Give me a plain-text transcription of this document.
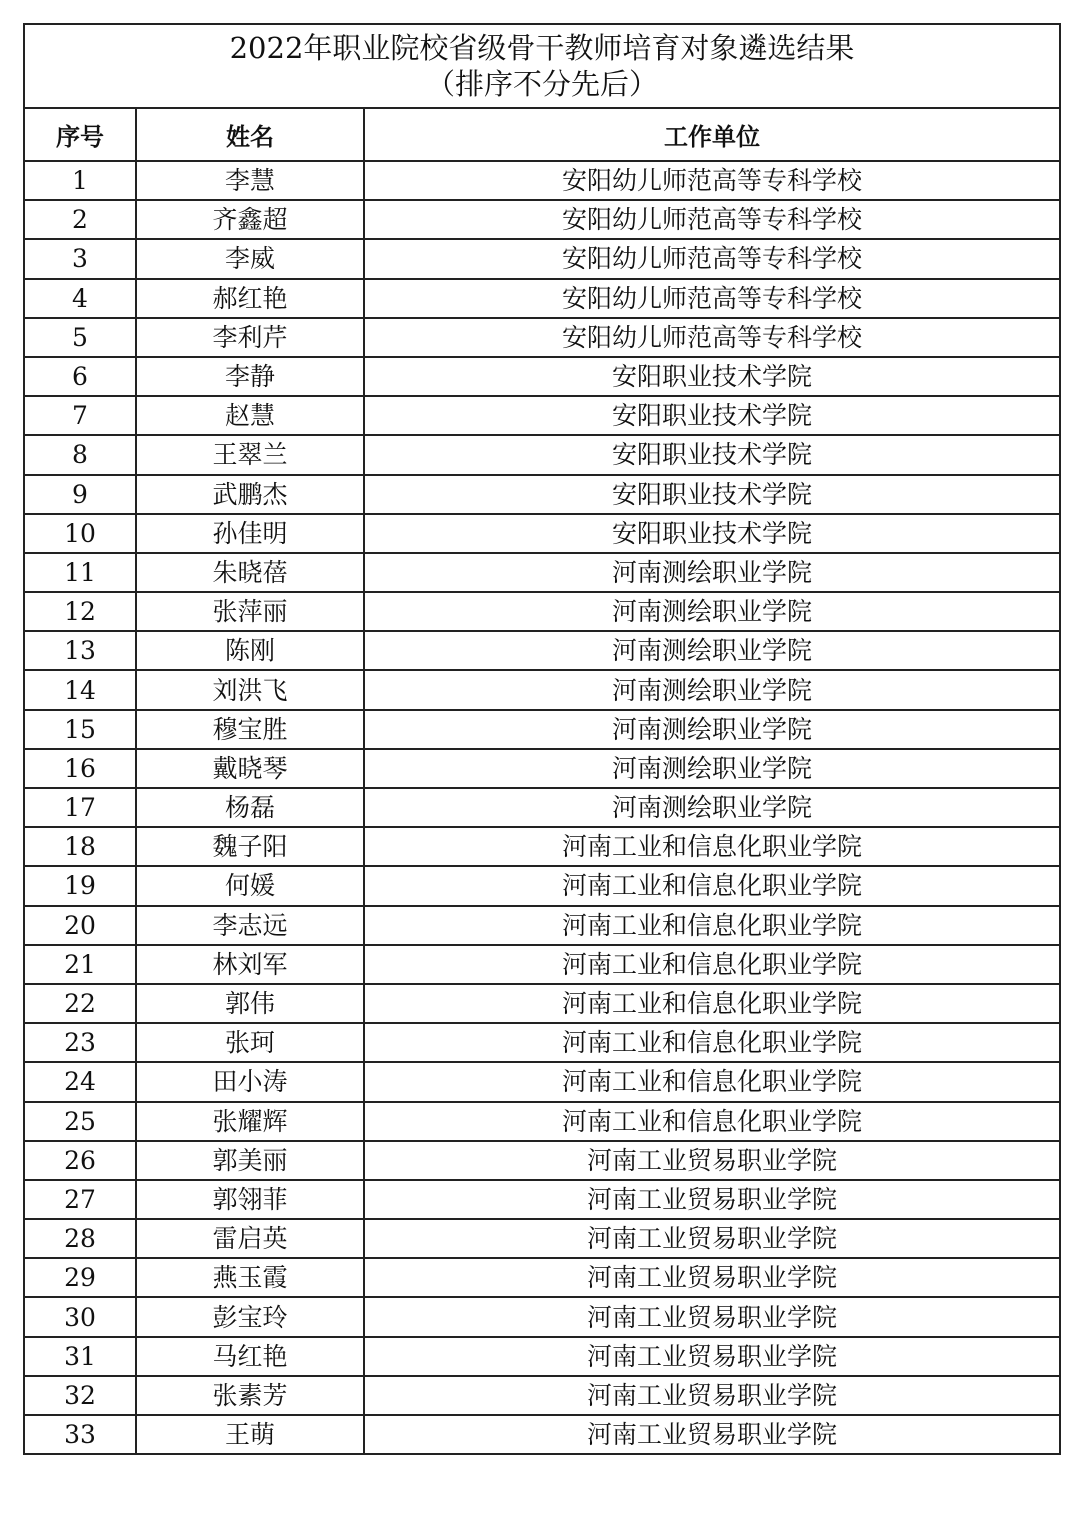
2022年职业院校省级骨干教师培育对象遴选结果
（排序不分先后）		

序号	姓名	工作单位
1	李慧	安阳幼儿师范高等专科学校
2	齐鑫超	安阳幼儿师范高等专科学校
3	李威	安阳幼儿师范高等专科学校
4	郝红艳	安阳幼儿师范高等专科学校
5	李利芹	安阳幼儿师范高等专科学校
6	李静	安阳职业技术学院
7	赵慧	安阳职业技术学院
8	王翠兰	安阳职业技术学院
9	武鹏杰	安阳职业技术学院
10	孙佳明	安阳职业技术学院
11	朱晓蓓	河南测绘职业学院
12	张萍丽	河南测绘职业学院
13	陈刚	河南测绘职业学院
14	刘洪飞	河南测绘职业学院
15	穆宝胜	河南测绘职业学院
16	戴晓琴	河南测绘职业学院
17	杨磊	河南测绘职业学院
18	魏子阳	河南工业和信息化职业学院
19	何媛	河南工业和信息化职业学院
20	李志远	河南工业和信息化职业学院
21	林刘军	河南工业和信息化职业学院
22	郭伟	河南工业和信息化职业学院
23	张珂	河南工业和信息化职业学院
24	田小涛	河南工业和信息化职业学院
25	张耀辉	河南工业和信息化职业学院
26	郭美丽	河南工业贸易职业学院
27	郭翎菲	河南工业贸易职业学院
28	雷启英	河南工业贸易职业学院
29	燕玉霞	河南工业贸易职业学院
30	彭宝玲	河南工业贸易职业学院
31	马红艳	河南工业贸易职业学院
32	张素芳	河南工业贸易职业学院
33	王萌	河南工业贸易职业学院
